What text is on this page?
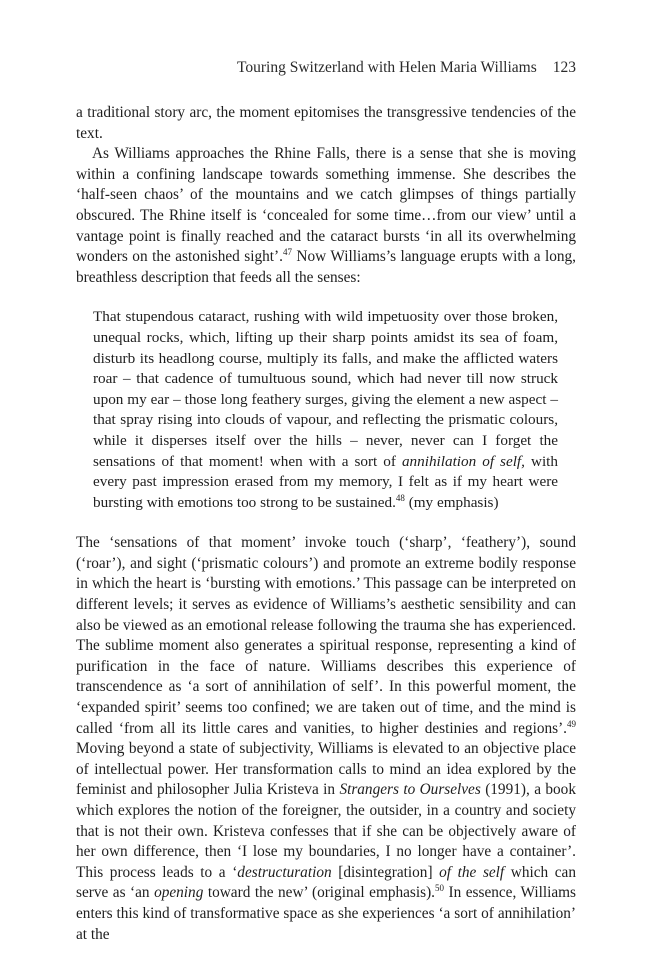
Touring Switzerland with Helen Maria Williams 123

a traditional story arc, the moment epitomises the transgressive tendencies of the text.

As Williams approaches the Rhine Falls, there is a sense that she is moving within a confining landscape towards something immense. She describes the ‘half-seen chaos’ of the mountains and we catch glimpses of things partially obscured. The Rhine itself is ‘concealed for some time…from our view’ until a vantage point is finally reached and the cataract bursts ‘in all its overwhelming wonders on the astonished sight’.$^{47}$ Now Williams’s language erupts with a long, breathless description that feeds all the senses:

That stupendous cataract, rushing with wild impetuosity over those broken, unequal rocks, which, lifting up their sharp points amidst its sea of foam, disturb its headlong course, multiply its falls, and make the afflicted waters roar – that cadence of tumultuous sound, which had never till now struck upon my ear – those long feathery surges, giving the element a new aspect – that spray rising into clouds of vapour, and reflecting the prismatic colours, while it disperses itself over the hills – never, never can I forget the sensations of that moment! when with a sort of annihilation of self, with every past impression erased from my memory, I felt as if my heart were bursting with emotions too strong to be sustained.$^{48}$ (my emphasis)

The ‘sensations of that moment’ invoke touch (‘sharp’, ‘feathery’), sound (‘roar’), and sight (‘prismatic colours’) and promote an extreme bodily response in which the heart is ‘bursting with emotions.’ This passage can be interpreted on different levels; it serves as evidence of Williams’s aesthetic sensibility and can also be viewed as an emotional release following the trauma she has experienced. The sublime moment also generates a spiritual response, representing a kind of purification in the face of nature. Williams describes this experience of transcendence as ‘a sort of annihilation of self’. In this powerful moment, the ‘expanded spirit’ seems too confined; we are taken out of time, and the mind is called ‘from all its little cares and vanities, to higher destinies and regions’.$^{49}$ Moving beyond a state of subjectivity, Williams is elevated to an objective place of intellectual power. Her transformation calls to mind an idea explored by the feminist and philosopher Julia Kristeva in Strangers to Ourselves (1991), a book which explores the notion of the foreigner, the outsider, in a country and society that is not their own. Kristeva confesses that if she can be objectively aware of her own difference, then ‘I lose my boundaries, I no longer have a container’. This process leads to a ‘destructuration [disintegration] of the self which can serve as ‘an opening toward the new’ (original emphasis).$^{50}$ In essence, Williams enters this kind of transformative space as she experiences ‘a sort of annihilation’ at the
